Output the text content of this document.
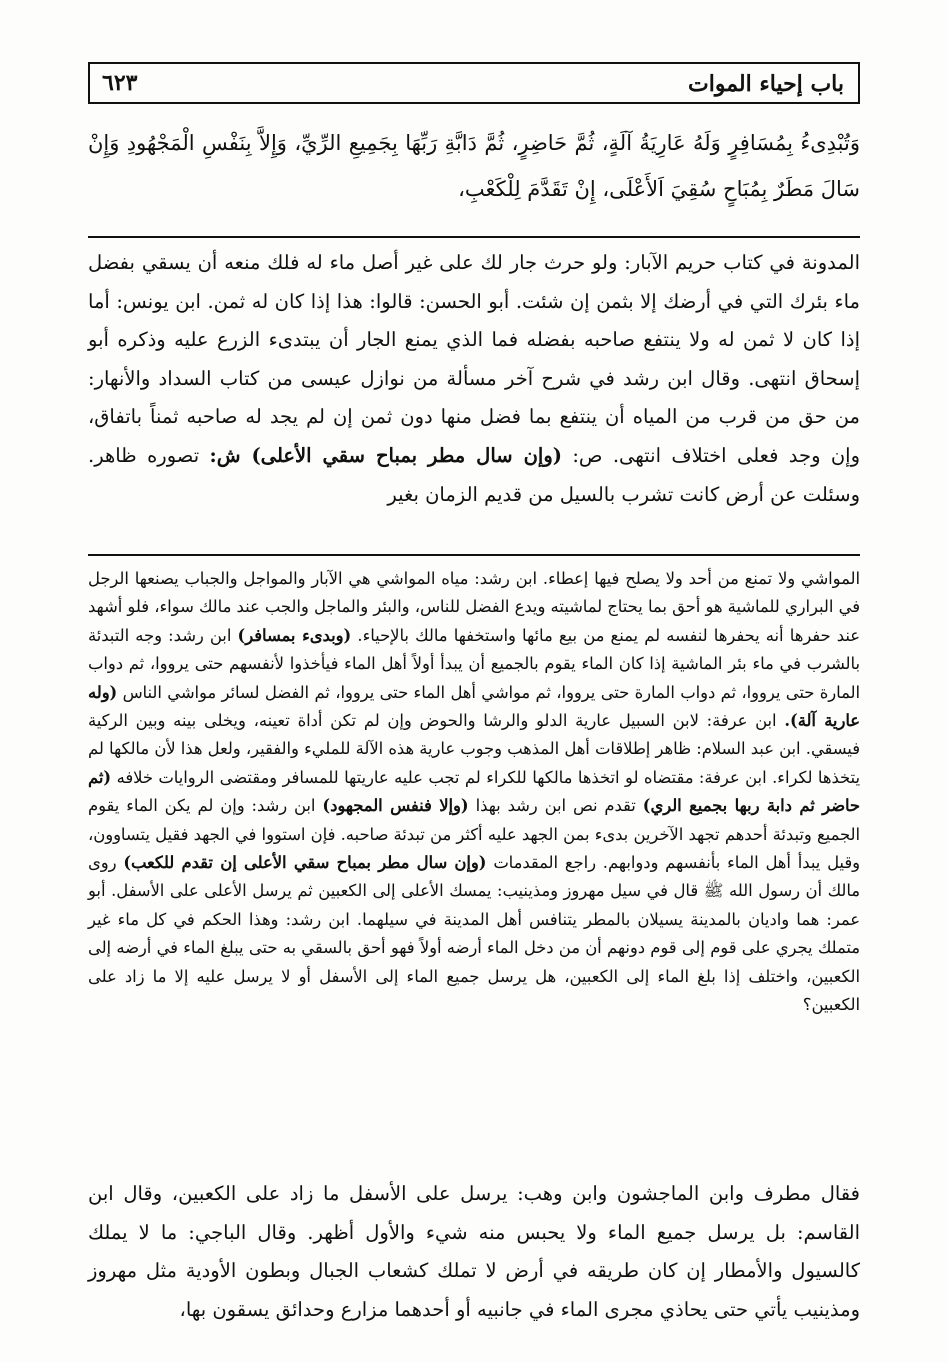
باب إحياء الموات
٦٢٣
وَتُبْدِىءُ بِمُسَافِرٍ وَلَهُ عَارِيَةُ آلَةٍ، ثُمَّ حَاضِرٍ، ثُمَّ دَابَّةِ رَبِّهَا بِجَمِيعِ الرِّيِّ، وَإِلاَّ بِنَفْسِ الْمَجْهُودِ وَإِنْ سَالَ مَطَرٌ بِمُبَاحٍ سُقِيَ اَلأَعْلَى، إِنْ تَقَدَّمَ لِلْكَعْبِ،
المدونة في كتاب حريم الآبار: ولو حرث جار لك على غير أصل ماء له فلك منعه أن يسقي بفضل ماء بئرك التي في أرضك إلا بثمن إن شئت. أبو الحسن: قالوا: هذا إذا كان له ثمن. ابن يونس: أما إذا كان لا ثمن له ولا ينتفع صاحبه بفضله فما الذي يمنع الجار أن يبتدىء الزرع عليه وذكره أبو إسحاق انتهى. وقال ابن رشد في شرح آخر مسألة من نوازل عيسى من كتاب السداد والأنهار: من حق من قرب من المياه أن ينتفع بما فضل منها دون ثمن إن لم يجد له صاحبه ثمناً باتفاق، وإن وجد فعلى اختلاف انتهى. ص: (وإن سال مطر بمباح سقي الأعلى) ش: تصوره ظاهر. وسئلت عن أرض كانت تشرب بالسيل من قديم الزمان بغير
المواشي ولا تمنع من أحد ولا يصلح فيها إعطاء. ابن رشد: مياه المواشي هي الآبار والمواجل والجباب يصنعها الرجل في البراري للماشية هو أحق بما يحتاج لماشيته ويدع الفضل للناس، والبئر والماجل والجب عند مالك سواء، فلو أشهد عند حفرها أنه يحفرها لنفسه لم يمنع من بيع مائها واستخفها مالك بالإحياء. (وبدىء بمسافر) ابن رشد: وجه التبدئة بالشرب في ماء بئر الماشية إذا كان الماء يقوم بالجميع أن يبدأ أولاً أهل الماء فيأخذوا لأنفسهم حتى يرووا، ثم دواب المارة حتى يرووا، ثم دواب المارة حتى يرووا، ثم مواشي أهل الماء حتى يرووا، ثم الفضل لسائر مواشي الناس (وله عارية آلة). ابن عرفة: لابن السبيل عارية الدلو والرشا والحوض وإن لم تكن أداة تعينه، ويخلى بينه وبين الركية فيسقي. ابن عبد السلام: ظاهر إطلاقات أهل المذهب وجوب عارية هذه الآلة للمليء والفقير، ولعل هذا لأن مالكها لم يتخذها لكراء. ابن عرفة: مقتضاه لو اتخذها مالكها للكراء لم تجب عليه عاريتها للمسافر ومقتضى الروايات خلافه (ثم حاضر ثم دابة ربها بجميع الري) تقدم نص ابن رشد بهذا (وإلا فنفس المجهود) ابن رشد: وإن لم يكن الماء يقوم الجميع وتبدئة أحدهم تجهد الآخرين بدىء بمن الجهد عليه أكثر من تبدئة صاحبه. فإن استووا في الجهد فقيل يتساوون، وقيل يبدأ أهل الماء بأنفسهم ودوابهم. راجع المقدمات (وإن سال مطر بمباح سقي الأعلى إن تقدم للكعب) روى مالك أن رسول الله ﷺ قال في سيل مهروز ومذينيب: يمسك الأعلى إلى الكعبين ثم يرسل الأعلى على الأسفل. أبو عمر: هما واديان بالمدينة يسيلان بالمطر يتنافس أهل المدينة في سيلهما. ابن رشد: وهذا الحكم في كل ماء غير متملك يجري على قوم إلى قوم دونهم أن من دخل الماء أرضه أولاً فهو أحق بالسقي به حتى يبلغ الماء في أرضه إلى الكعبين، واختلف إذا بلغ الماء إلى الكعبين، هل يرسل جميع الماء إلى الأسفل أو لا يرسل عليه إلا ما زاد على الكعبين؟
فقال مطرف وابن الماجشون وابن وهب: يرسل على الأسفل ما زاد على الكعبين، وقال ابن القاسم: بل يرسل جميع الماء ولا يحبس منه شيء والأول أظهر. وقال الباجي: ما لا يملك كالسيول والأمطار إن كان طريقه في أرض لا تملك كشعاب الجبال وبطون الأودية مثل مهروز ومذينيب يأتي حتى يحاذي مجرى الماء في جانبيه أو أحدهما مزارع وحدائق يسقون بها،
